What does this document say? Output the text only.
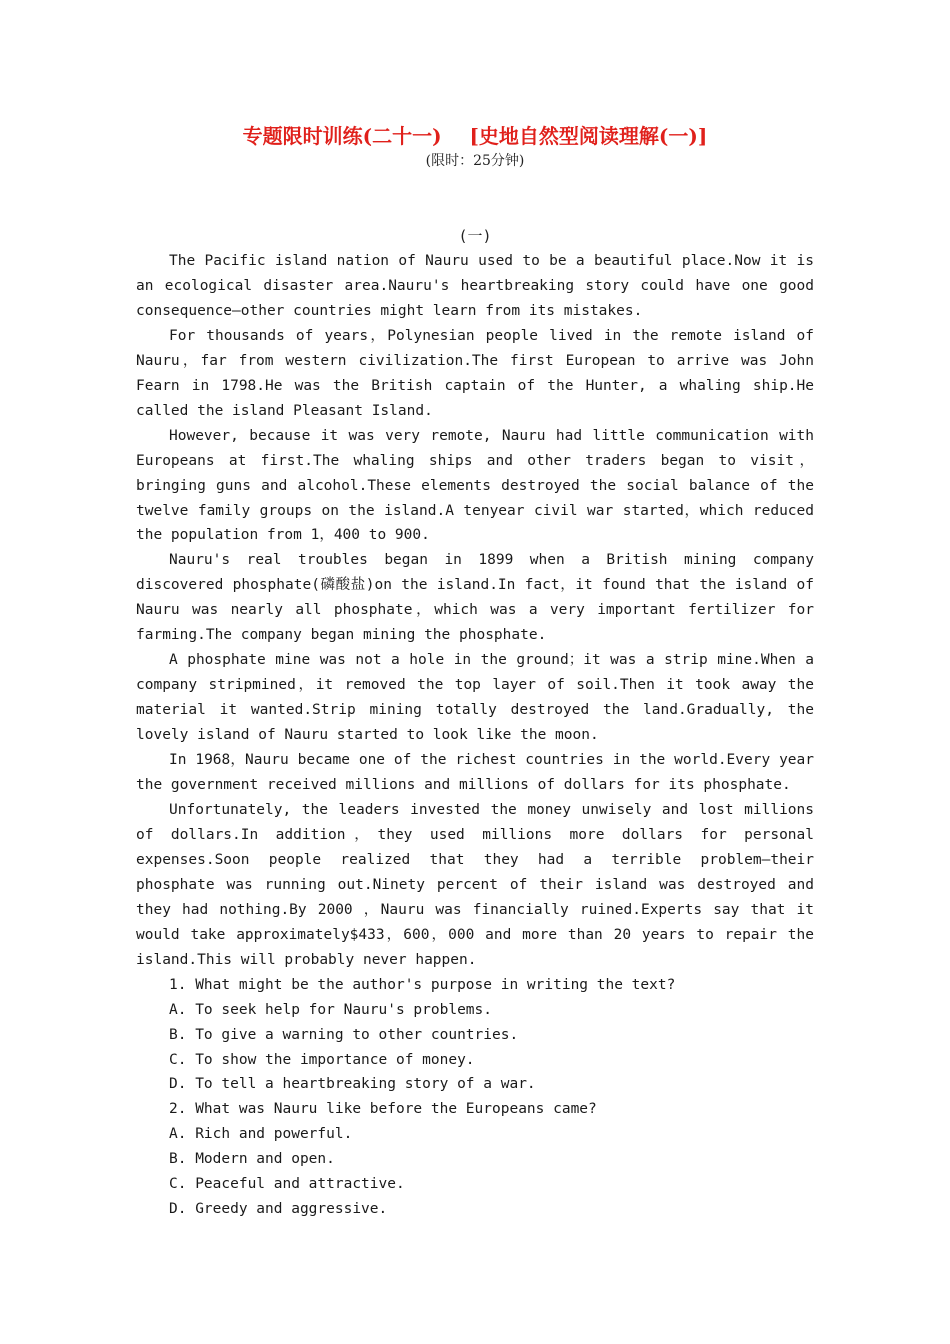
专题限时训练(二十一)    [史地自然型阅读理解(一)]
(限时：25分钟)
(一)

The Pacific island nation of Nauru used to be a beautiful place.Now it is an ecological disaster area.Nauru's heartbreaking story could have one good consequence—other countries might learn from its mistakes.

For thousands of years，Polynesian people lived in the remote island of Nauru，far from western civilization.The first European to arrive was John Fearn in 1798.He was the British captain of the Hunter, a whaling ship.He called the island Pleasant Island.

However, because it was very remote, Nauru had little communication with Europeans at first.The whaling ships and other traders began to visit，bringing guns and alcohol.These elements destroyed the social balance of the twelve family groups on the island.A tenyear civil war started，which reduced the population from 1，400 to 900.

Nauru's real troubles began in 1899 when a British mining company discovered phosphate(磷酸盐)on the island.In fact，it found that the island of Nauru was nearly all phosphate，which was a very important fertilizer for farming.The company began mining the phosphate.

A phosphate mine was not a hole in the ground；it was a strip mine.When a company stripmined，it removed the top layer of soil.Then it took away the material it wanted.Strip mining totally destroyed the land.Gradually, the lovely island of Nauru started to look like the moon.

In 1968，Nauru became one of the richest countries in the world.Every year the government received millions and millions of dollars for its phosphate.

Unfortunately, the leaders invested the money unwisely and lost millions of dollars.In addition，they used millions more dollars for personal expenses.Soon people realized that they had a terrible problem—their phosphate was running out.Ninety percent of their island was destroyed and they had nothing.By 2000 ，Nauru was financially ruined.Experts say that it would take approximately$433，600，000 and more than 20 years to repair the island.This will probably never happen.

1. What might be the author's purpose in writing the text?

A. To seek help for Nauru's problems.

B. To give a warning to other countries.

C. To show the importance of money.

D. To tell a heartbreaking story of a war.

2. What was Nauru like before the Europeans came?

A. Rich and powerful.

B. Modern and open.

C. Peaceful and attractive.

D. Greedy and aggressive.
